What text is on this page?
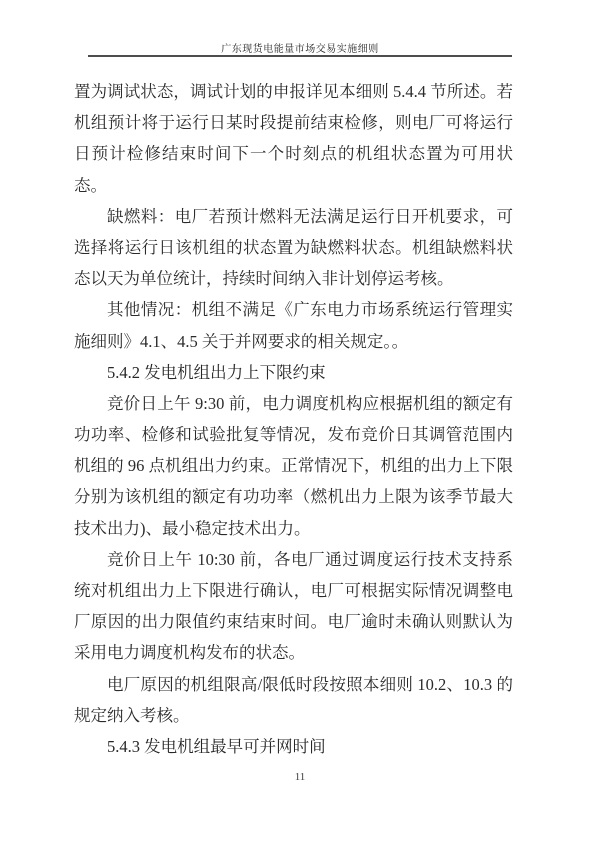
广东现货电能量市场交易实施细则
置为调试状态，调试计划的申报详见本细则 5.4.4 节所述。若
机组预计将于运行日某时段提前结束检修，则电厂可将运行
日预计检修结束时间下一个时刻点的机组状态置为可用状
态。
缺燃料：电厂若预计燃料无法满足运行日开机要求，可
选择将运行日该机组的状态置为缺燃料状态。机组缺燃料状
态以天为单位统计，持续时间纳入非计划停运考核。
其他情况：机组不满足《广东电力市场系统运行管理实
施细则》4.1、4.5 关于并网要求的相关规定。。
5.4.2 发电机组出力上下限约束
竞价日上午 9:30 前，电力调度机构应根据机组的额定有
功功率、检修和试验批复等情况，发布竞价日其调管范围内
机组的 96 点机组出力约束。正常情况下，机组的出力上下限
分别为该机组的额定有功功率（燃机出力上限为该季节最大
技术出力)、最小稳定技术出力。
竞价日上午 10:30 前，各电厂通过调度运行技术支持系
统对机组出力上下限进行确认，电厂可根据实际情况调整电
厂原因的出力限值约束结束时间。电厂逾时未确认则默认为
采用电力调度机构发布的状态。
电厂原因的机组限高/限低时段按照本细则 10.2、10.3 的
规定纳入考核。
5.4.3 发电机组最早可并网时间
11
